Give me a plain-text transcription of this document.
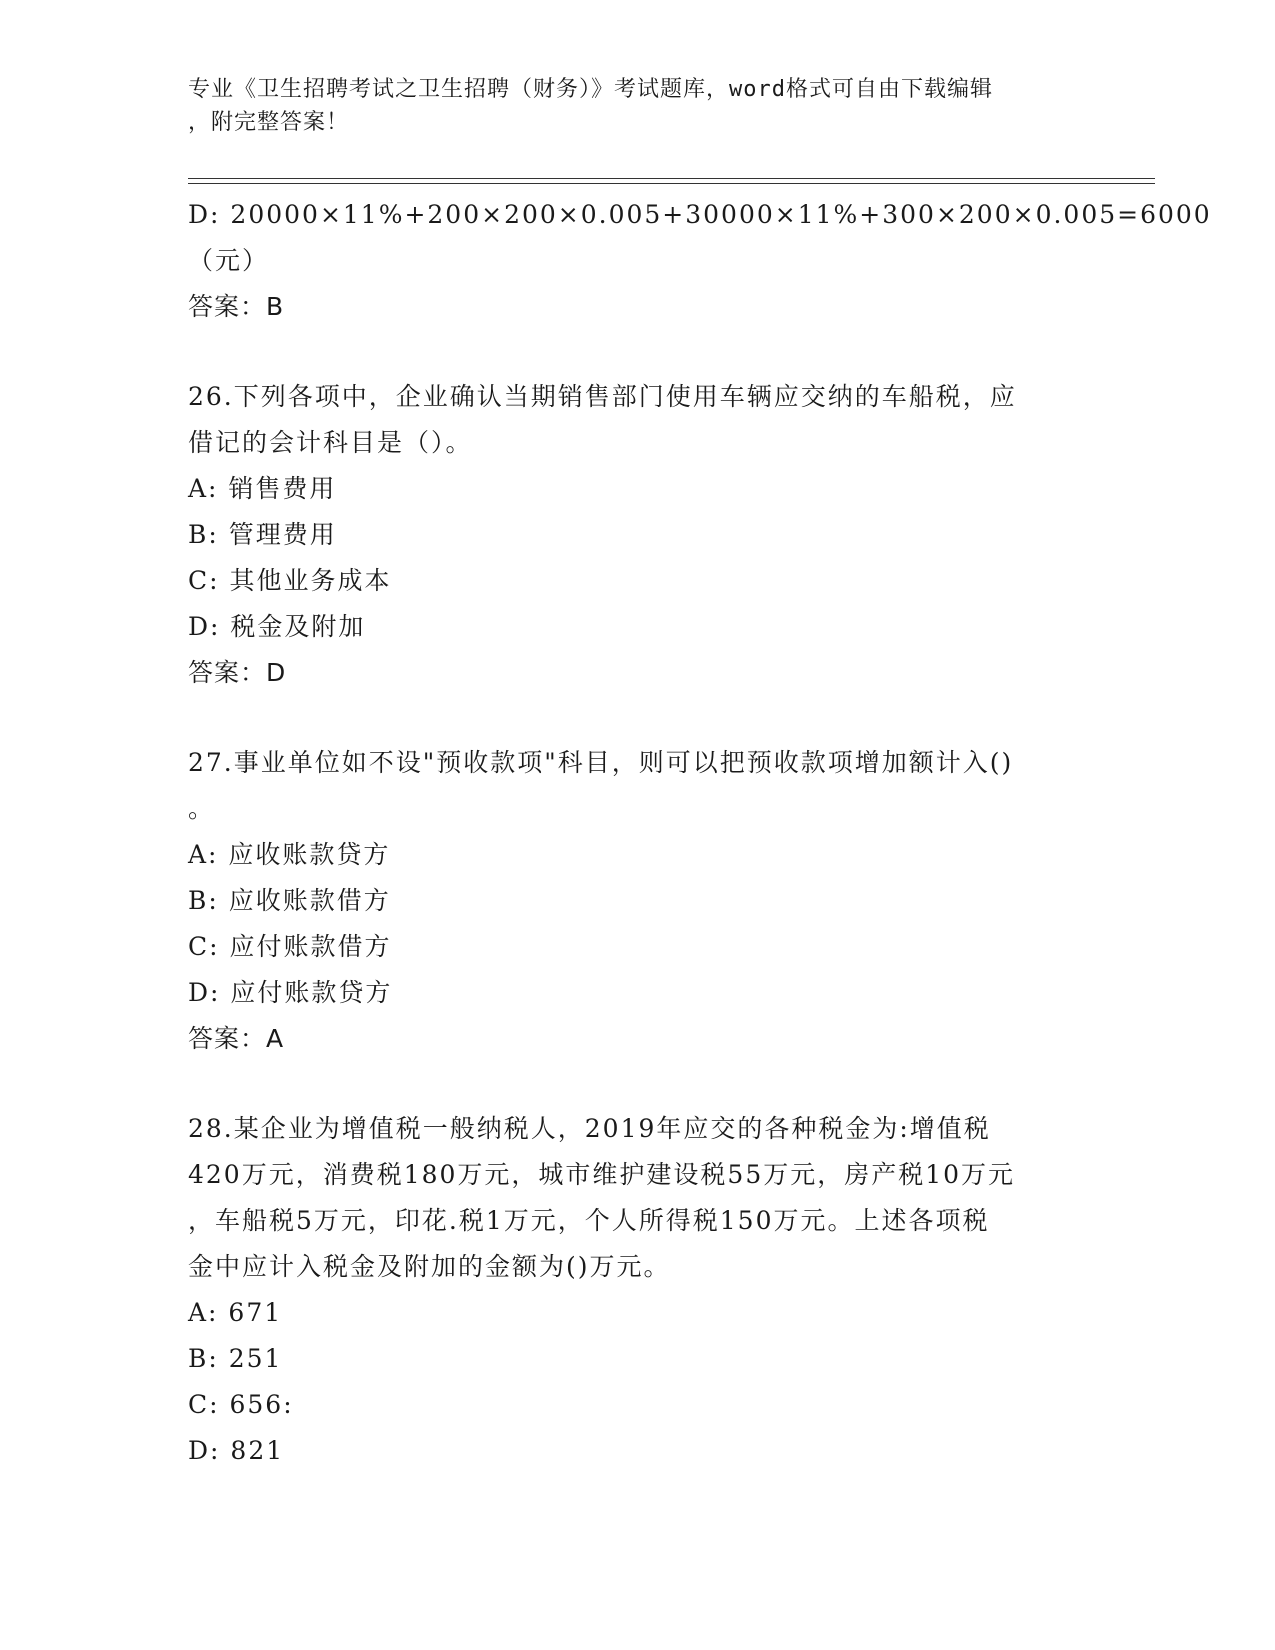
专业《卫生招聘考试之卫生招聘（财务）》考试题库，word格式可自由下载编辑
，附完整答案！
D: 20000×11%+200×200×0.005+30000×11%+300×200×0.005=6000
（元）
答案：B
26.下列各项中，企业确认当期销售部门使用车辆应交纳的车船税，应
借记的会计科目是（）。
A: 销售费用
B: 管理费用
C: 其他业务成本
D: 税金及附加
答案：D
27.事业单位如不设"预收款项"科目，则可以把预收款项增加额计入()
。
A: 应收账款贷方
B: 应收账款借方
C: 应付账款借方
D: 应付账款贷方
答案：A
28.某企业为增值税一般纳税人，2019年应交的各种税金为:增值税
420万元，消费税180万元，城市维护建设税55万元，房产税10万元
，车船税5万元，印花.税1万元，个人所得税150万元。上述各项税
金中应计入税金及附加的金额为()万元。
A: 671
B: 251
C: 656:
D: 821
